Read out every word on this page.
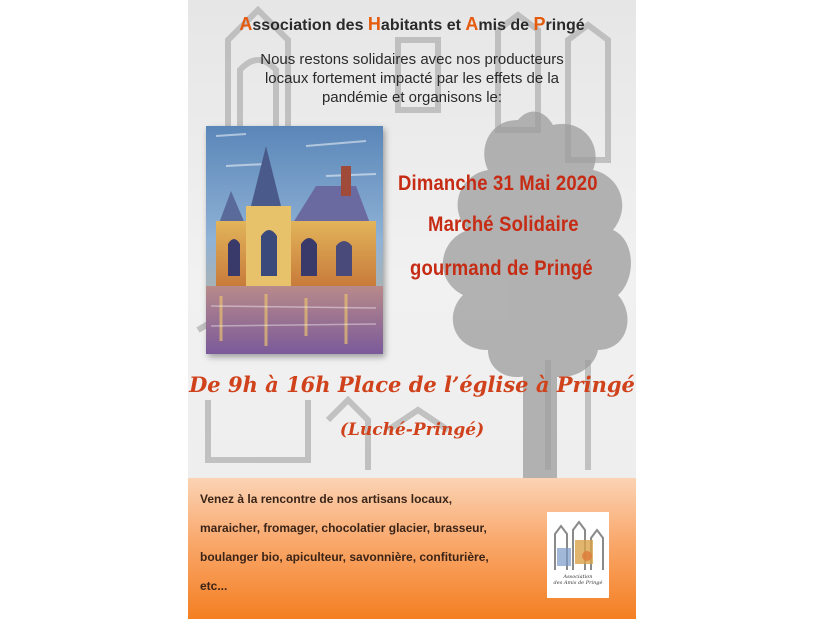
Association des Habitants et Amis de Pringé
Nous restons solidaires avec nos producteurs
locaux fortement impacté par les effets de la
pandémie et organisons le:
Dimanche 31 Mai 2020
Marché Solidaire
gourmand de Pringé
De 9h à 16h Place de l’église à Pringé
(Luché-Pringé)

Venez à la rencontre de nos artisans locaux,

maraicher, fromager, chocolatier glacier, brasseur,

boulanger bio, apiculteur, savonnière, confiturière,

etc...

Association
des Amis de Pringé
